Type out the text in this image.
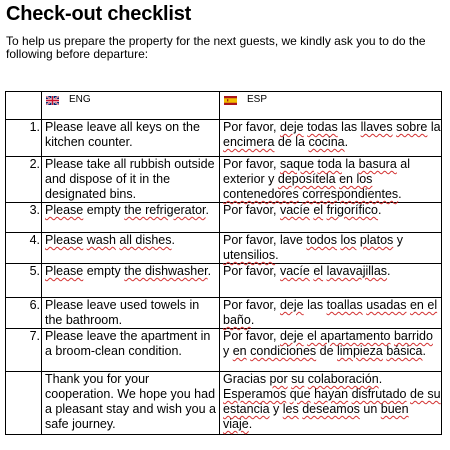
Check-out checklist
To help us prepare the property for the next guests, we kindly ask you to do the following before departure:

	ENG	ESP

1.	Please leave all keys on the kitchen counter.	Por favor, deje todas las llaves sobre la encimera de la cocina.
2.	Please take all rubbish outside and dispose of it in the designated bins.	Por favor, saque toda la basura al exterior y deposítela en los contenedores correspondientes.
3.	Please empty the refrigerator.	Por favor, vacíe el frigorífico.
4.	Please wash all dishes.	Por favor, lave todos los platos y utensilios.
5.	Please empty the dishwasher.	Por favor, vacíe el lavavajillas.
6.	Please leave used towels in the bathroom.	Por favor, deje las toallas usadas en el baño.
7.	Please leave the apartment in a broom-clean condition.	Por favor, deje el apartamento barrido y en condiciones de limpieza básica.
	Thank you for your cooperation. We hope you had a pleasant stay and wish you a safe journey.	Gracias por su colaboración. Esperamos que hayan disfrutado de su estancia y les deseamos un buen viaje.
